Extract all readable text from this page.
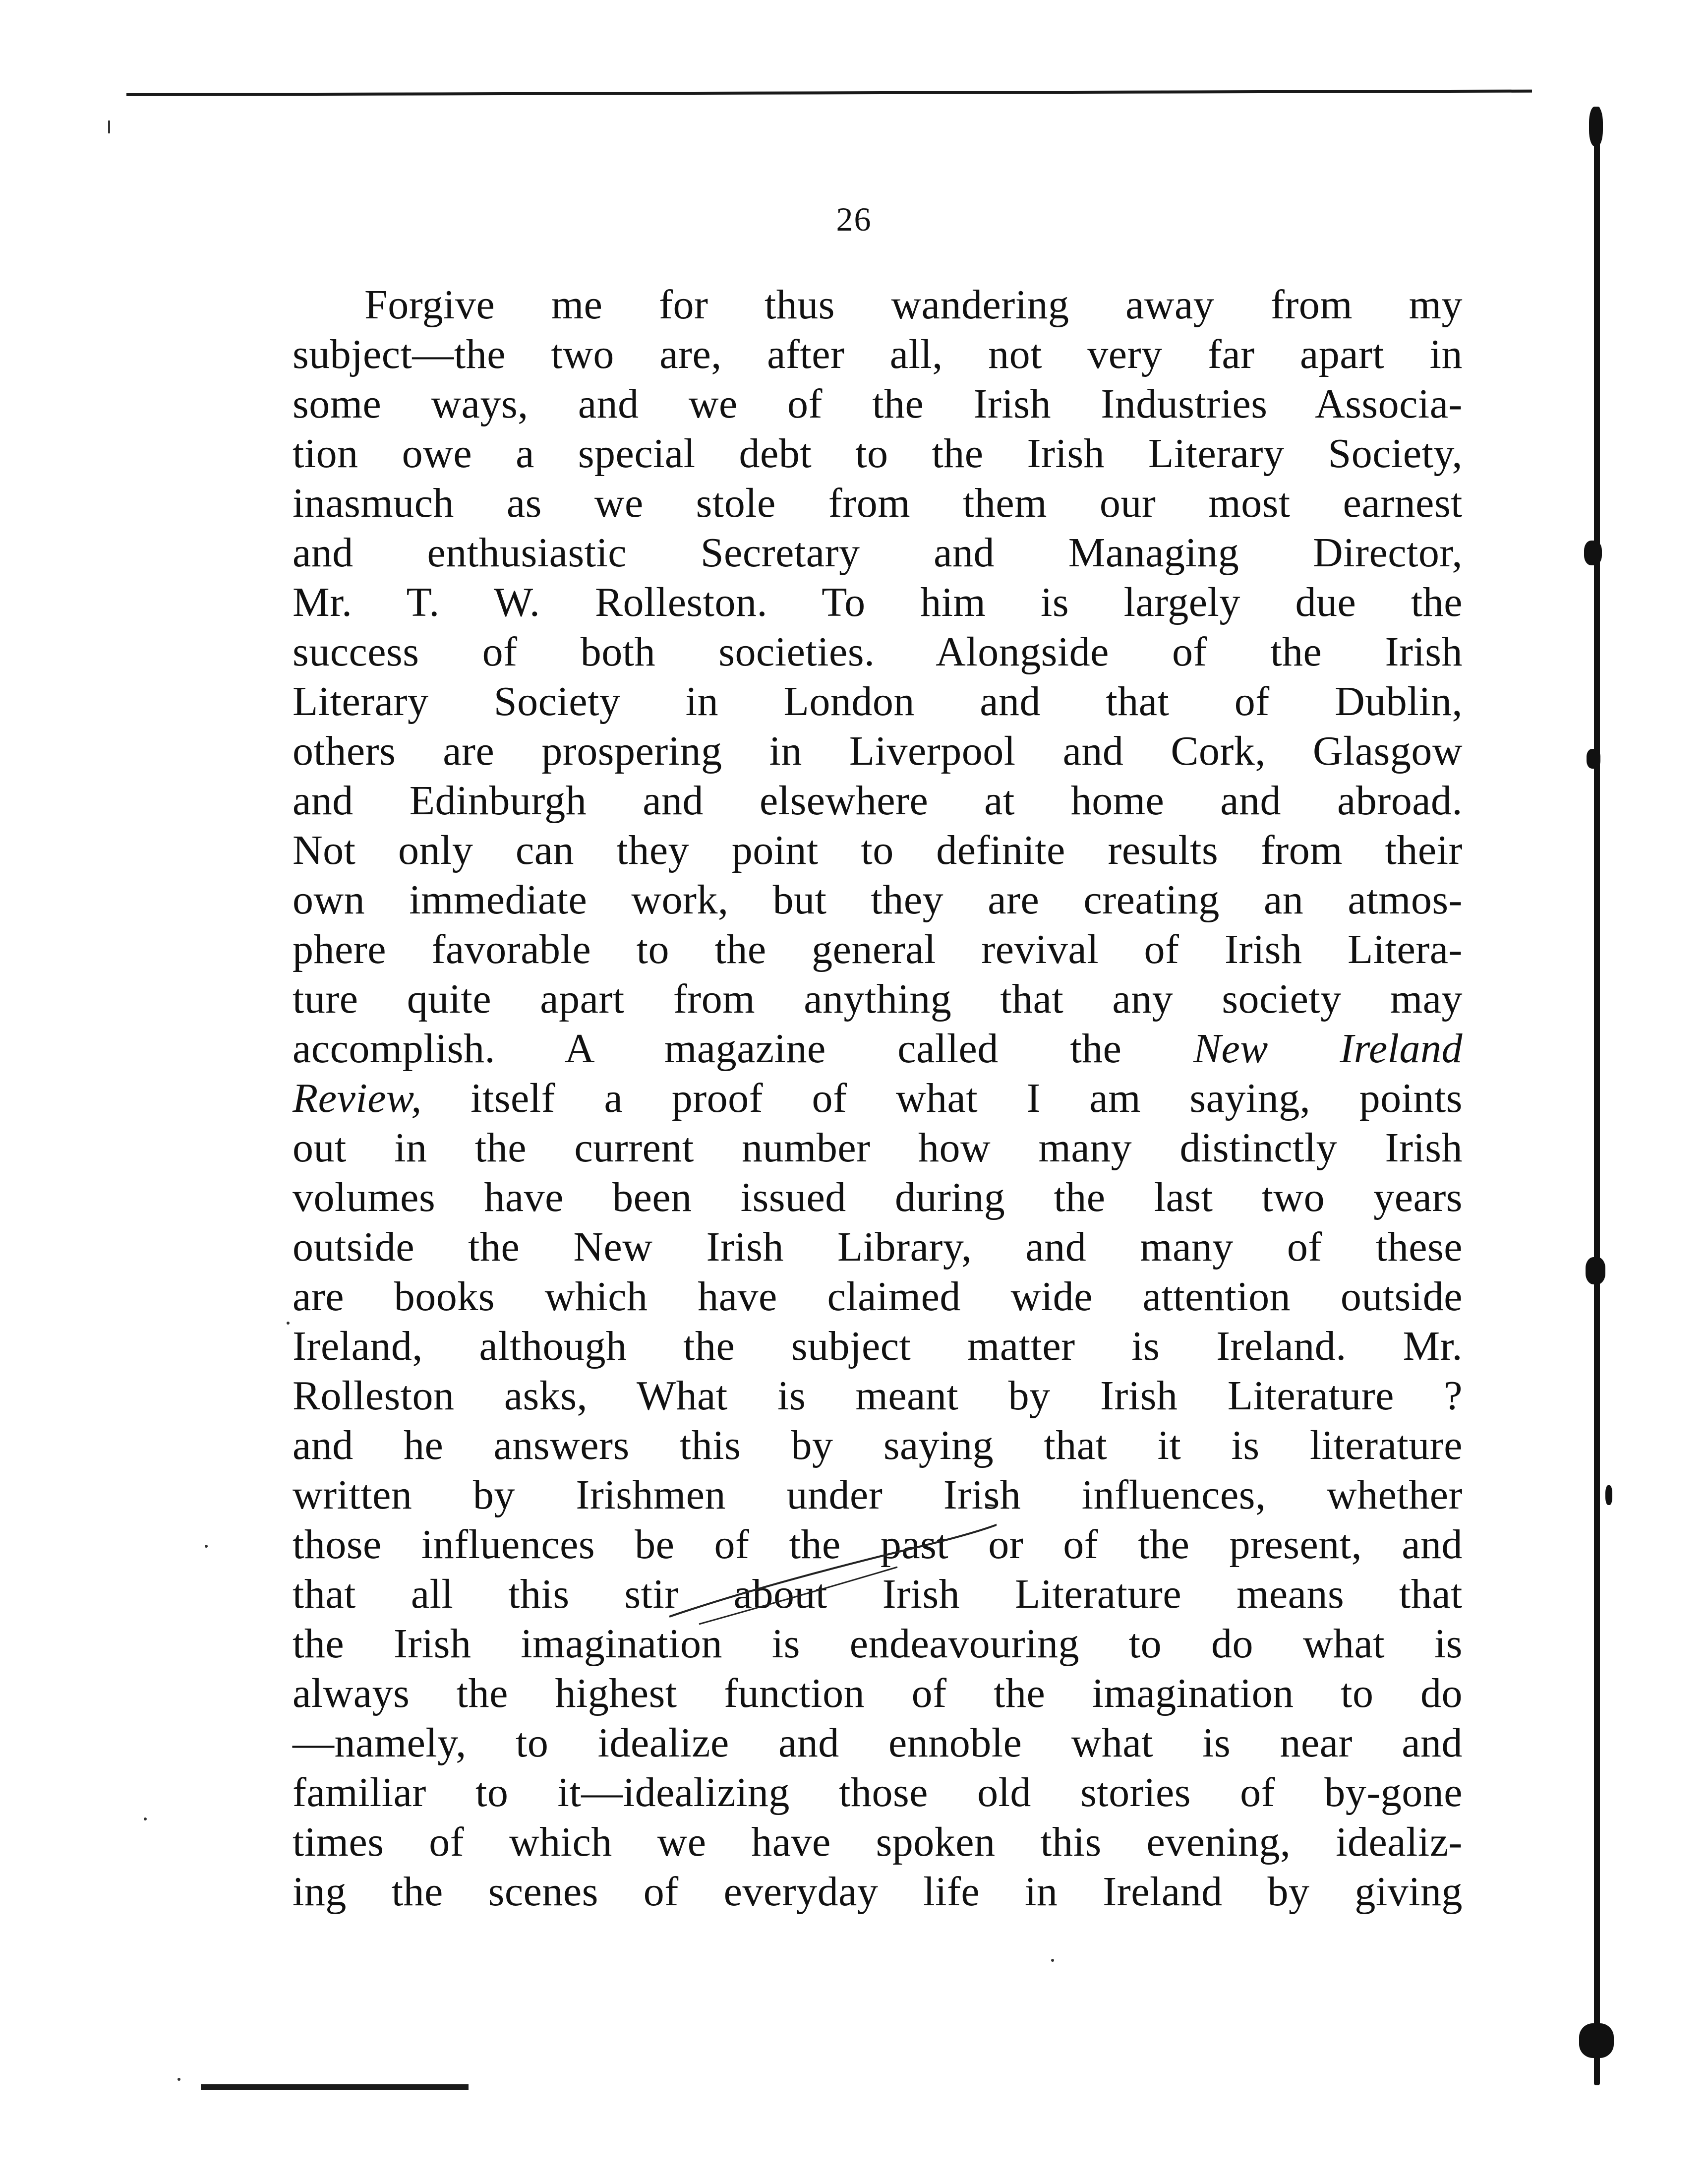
26
Forgive me for thus wandering away from my
subject—the two are, after all, not very far apart in
some ways, and we of the Irish Industries Associa-
tion owe a special debt to the Irish Literary Society,
inasmuch as we stole from them our most earnest
and enthusiastic Secretary and Managing Director,
Mr. T. W. Rolleston. To him is largely due the
success of both societies. Alongside of the Irish
Literary Society in London and that of Dublin,
others are prospering in Liverpool and Cork, Glasgow
and Edinburgh and elsewhere at home and abroad.
Not only can they point to definite results from their
own immediate work, but they are creating an atmos-
phere favorable to the general revival of Irish Litera-
ture quite apart from anything that any society may
accomplish. A magazine called the New Ireland
Review, itself a proof of what I am saying, points
out in the current number how many distinctly Irish
volumes have been issued during the last two years
outside the New Irish Library, and many of these
are books which have claimed wide attention outside
Ireland, although the subject matter is Ireland. Mr.
Rolleston asks, What is meant by Irish Literature ?
and he answers this by saying that it is literature
written by Irishmen under Irish influences, whether
those influences be of the past or of the present, and
that all this stir about Irish Literature means that
the Irish imagination is endeavouring to do what is
always the highest function of the imagination to do
—namely, to idealize and ennoble what is near and
familiar to it—idealizing those old stories of by-gone
times of which we have spoken this evening, idealiz-
ing the scenes of everyday life in Ireland by giving
